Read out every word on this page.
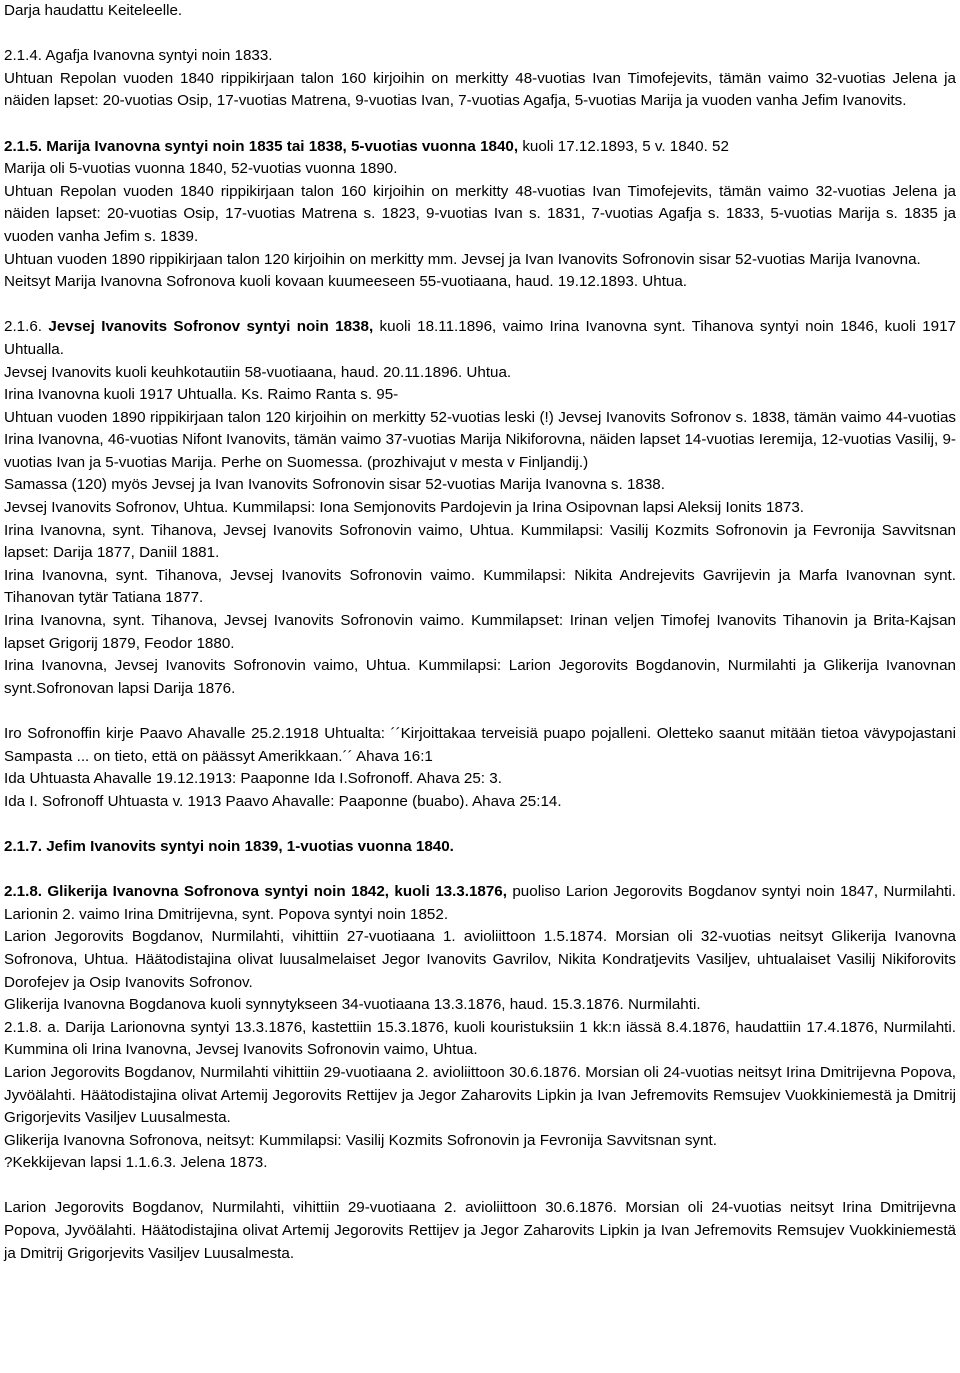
Darja haudattu Keiteleelle.

2.1.4. Agafja Ivanovna syntyi noin 1833.

Uhtuan Repolan vuoden 1840 rippikirjaan talon 160 kirjoihin on merkitty 48-vuotias Ivan Timofejevits, tämän vaimo 32-vuotias Jelena ja näiden lapset: 20-vuotias Osip, 17-vuotias Matrena, 9-vuotias Ivan, 7-vuotias Agafja, 5-vuotias Marija ja vuoden vanha Jefim Ivanovits.

2.1.5. Marija Ivanovna syntyi noin 1835 tai 1838, 5-vuotias vuonna 1840, kuoli 17.12.1893, 5 v. 1840. 52

Marija oli 5-vuotias vuonna 1840, 52-vuotias vuonna 1890.

Uhtuan Repolan vuoden 1840 rippikirjaan talon 160 kirjoihin on merkitty 48-vuotias Ivan Timofejevits, tämän vaimo 32-vuotias Jelena ja näiden lapset: 20-vuotias Osip, 17-vuotias Matrena s. 1823, 9-vuotias Ivan s. 1831, 7-vuotias Agafja s. 1833, 5-vuotias Marija s. 1835 ja vuoden vanha Jefim s. 1839.

Uhtuan vuoden 1890 rippikirjaan talon 120 kirjoihin on merkitty mm. Jevsej ja Ivan Ivanovits Sofronovin sisar 52-vuotias Marija Ivanovna.

Neitsyt Marija Ivanovna Sofronova kuoli kovaan kuumeeseen 55-vuotiaana, haud. 19.12.1893. Uhtua.

2.1.6. Jevsej Ivanovits Sofronov syntyi noin 1838, kuoli 18.11.1896, vaimo Irina Ivanovna synt. Tihanova syntyi noin 1846, kuoli 1917 Uhtualla.

Jevsej Ivanovits kuoli keuhkotautiin 58-vuotiaana, haud. 20.11.1896. Uhtua.

Irina Ivanovna kuoli 1917 Uhtualla. Ks. Raimo Ranta s. 95-

Uhtuan vuoden 1890 rippikirjaan talon 120 kirjoihin on merkitty 52-vuotias leski (!) Jevsej Ivanovits Sofronov s. 1838, tämän vaimo 44-vuotias Irina Ivanovna, 46-vuotias Nifont Ivanovits, tämän vaimo 37-vuotias Marija Nikiforovna, näiden lapset 14-vuotias Ieremija, 12-vuotias Vasilij, 9-vuotias Ivan ja 5-vuotias Marija. Perhe on Suomessa. (prozhivajut v mesta v Finljandij.)

Samassa (120) myös Jevsej ja Ivan Ivanovits Sofronovin sisar 52-vuotias Marija Ivanovna s. 1838.

Jevsej Ivanovits Sofronov, Uhtua. Kummilapsi: Iona Semjonovits Pardojevin ja Irina Osipovnan lapsi Aleksij Ionits 1873.

Irina Ivanovna, synt. Tihanova, Jevsej Ivanovits Sofronovin vaimo, Uhtua. Kummilapsi: Vasilij Kozmits Sofronovin ja Fevronija Savvitsnan lapset: Darija 1877, Daniil 1881.

Irina Ivanovna, synt. Tihanova, Jevsej Ivanovits Sofronovin vaimo. Kummilapsi: Nikita Andrejevits Gavrijevin ja Marfa Ivanovnan synt. Tihanovan tytär Tatiana 1877.

Irina Ivanovna, synt. Tihanova, Jevsej Ivanovits Sofronovin vaimo. Kummilapset: Irinan veljen Timofej Ivanovits Tihanovin ja Brita-Kajsan lapset Grigorij 1879, Feodor 1880.

Irina Ivanovna, Jevsej Ivanovits Sofronovin vaimo, Uhtua. Kummilapsi: Larion Jegorovits Bogdanovin, Nurmilahti ja Glikerija Ivanovnan synt.Sofronovan lapsi Darija 1876.

Iro Sofronoffin kirje Paavo Ahavalle 25.2.1918 Uhtualta: ´´Kirjoittakaa terveisiä puapo pojalleni. Oletteko saanut mitään tietoa vävypojastani Sampasta ... on tieto, että on päässyt Amerikkaan.´´ Ahava 16:1

Ida Uhtuasta Ahavalle 19.12.1913: Paaponne Ida I.Sofronoff. Ahava 25: 3.

Ida I. Sofronoff Uhtuasta v. 1913 Paavo Ahavalle: Paaponne (buabo). Ahava 25:14.

2.1.7. Jefim Ivanovits syntyi noin 1839, 1-vuotias vuonna 1840.

2.1.8. Glikerija Ivanovna Sofronova syntyi noin 1842, kuoli 13.3.1876, puoliso Larion Jegorovits Bogdanov syntyi noin 1847, Nurmilahti. Larionin 2. vaimo Irina Dmitrijevna, synt. Popova syntyi noin 1852.

Larion Jegorovits Bogdanov, Nurmilahti, vihittiin 27-vuotiaana 1. avioliittoon 1.5.1874. Morsian oli 32-vuotias neitsyt Glikerija Ivanovna Sofronova, Uhtua. Häätodistajina olivat luusalmelaiset Jegor Ivanovits Gavrilov, Nikita Kondratjevits Vasiljev, uhtualaiset Vasilij Nikiforovits Dorofejev ja Osip Ivanovits Sofronov.

Glikerija Ivanovna Bogdanova kuoli synnytykseen 34-vuotiaana 13.3.1876, haud. 15.3.1876. Nurmilahti.

2.1.8. a. Darija Larionovna syntyi 13.3.1876, kastettiin 15.3.1876, kuoli kouristuksiin 1 kk:n iässä 8.4.1876, haudattiin 17.4.1876, Nurmilahti. Kummina oli Irina Ivanovna, Jevsej Ivanovits Sofronovin vaimo, Uhtua.

Larion Jegorovits Bogdanov, Nurmilahti vihittiin 29-vuotiaana 2. avioliittoon 30.6.1876. Morsian oli 24-vuotias neitsyt Irina Dmitrijevna Popova, Jyvöälahti. Häätodistajina olivat Artemij Jegorovits Rettijev ja Jegor Zaharovits Lipkin ja Ivan Jefremovits Remsujev Vuokkiniemestä ja Dmitrij Grigorjevits Vasiljev Luusalmesta.

Glikerija Ivanovna Sofronova, neitsyt: Kummilapsi: Vasilij Kozmits Sofronovin ja Fevronija Savvitsnan synt.

?Kekkijevan lapsi 1.1.6.3. Jelena 1873.

Larion Jegorovits Bogdanov, Nurmilahti, vihittiin 29-vuotiaana 2. avioliittoon 30.6.1876. Morsian oli 24-vuotias neitsyt Irina Dmitrijevna Popova, Jyvöälahti. Häätodistajina olivat Artemij Jegorovits Rettijev ja Jegor Zaharovits Lipkin ja Ivan Jefremovits Remsujev Vuokkiniemestä ja Dmitrij Grigorjevits Vasiljev Luusalmesta.
